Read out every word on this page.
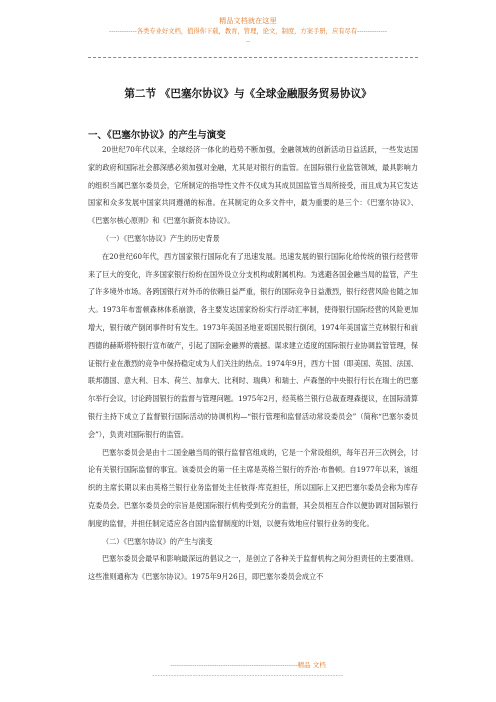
精品文档就在这里
-------------各类专业好文档，值得你下载，教育，管理，论文，制度，方案手册，应有尽有--------------
--
第二节 《巴塞尔协议》与《全球金融服务贸易协议》
一、《巴塞尔协议》的产生与演变

20世纪70年代以来，全球经济一体化的趋势不断加强，金融领域的创新活动日益活跃，一些发达国家的政府和国际社会都深感必须加强对金融，尤其是对银行的监管。在国际银行业监管领域，最具影响力的组织当属巴塞尔委员会，它所制定的指导性文件不仅成为其成员国监管当局所接受，而且成为其它发达国家和众多发展中国家共同遵循的标准。在其制定的众多文件中，最为重要的是三个：《巴塞尔协议》、《巴塞尔核心原则》和《巴塞尔新资本协议》。

（一）《巴塞尔协议》产生的历史背景

在20世纪60年代，西方国家银行国际化有了迅速发展。迅速发展的银行国际化给传统的银行经营带来了巨大的变化，许多国家银行纷纷在国外设立分支机构或附属机构。为逃避各国金融当局的监管，产生了许多境外市场。各跨国银行对外币的依赖日益严重，银行的国际竞争日益激烈，银行经营风险也随之加大。1973年布雷顿森林体系崩溃，各主要发达国家纷纷实行浮动汇率制，使得银行国际经营的风险更加增大，银行破产倒闭事件时有发生。1973年美国圣地亚哥国民银行倒闭，1974年美国富兰克林银行和前西德的赫斯塔特银行宣布破产，引起了国际金融界的震撼。谋求建立适度的国际银行业协调监管管理，保证银行业在激烈的竞争中保持稳定成为人们关注的热点。1974年9月，西方十国（即美国、英国、法国、联邦德国、意大利、日本、荷兰、加拿大、比利时、瑞典）和瑞士、卢森堡的中央银行行长在瑞士的巴塞尔举行会议，讨论跨国银行的监督与管理问题。1975年2月，经英格兰银行总裁查理森提议，在国际清算银行主持下成立了监督银行国际活动的协调机构—“银行管理和监督活动常设委员会”（简称“巴塞尔委员会”），负责对国际银行的监管。

巴塞尔委员会是由十二国金融当局的银行监督官组成的，它是一个常设组织，每年召开三次例会，讨论有关银行国际监督的事宜。该委员会的第一任主席是英格兰银行的乔治·布鲁顿。自1977年以来，该组织的主席长期以来由英格兰银行业务监督处主任彼得·库克担任，所以国际上又把巴塞尔委员会称为库存克委员会。巴塞尔委员会的宗旨是使国际银行机构受到充分的监督，其会员相互合作以便协调对国际银行制度的监督，并担任制定适应各自国内监督制度的计划，以便有效地应付银行业务的变化。

（二）《巴塞尔协议》的产生与演变

巴塞尔委员会最早和影响最深远的倡议之一，是创立了各种关于监督机构之间分担责任的主要准则。这些准则通称为《巴塞尔协议》。1975年9月26日，即巴塞尔委员会成立不

----------------------------------------------------------精品 文档
-----------------------------------------------------------------------
